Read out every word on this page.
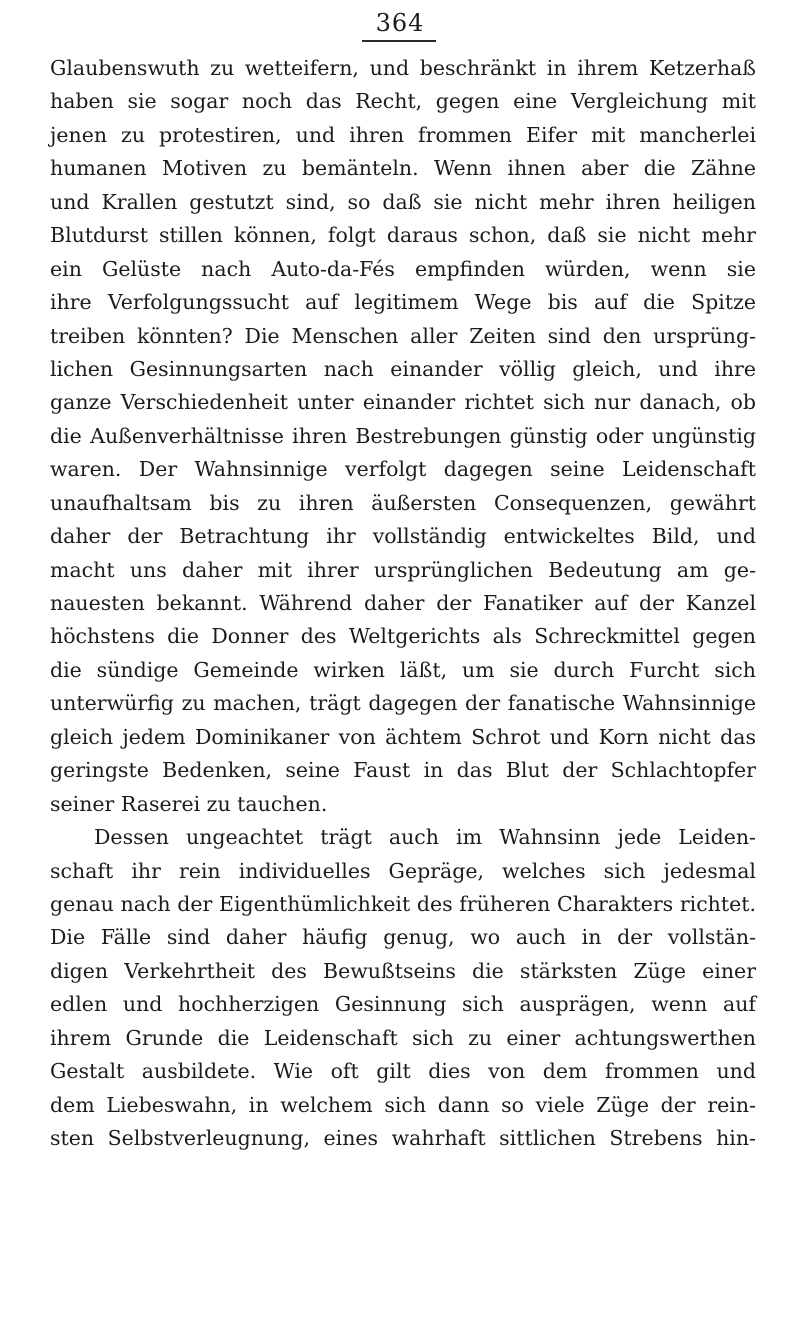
364
Glaubenswuth zu wetteifern, und beschränkt in ihrem Ketzerhaß
haben sie sogar noch das Recht, gegen eine Vergleichung mit
jenen zu protestiren, und ihren frommen Eifer mit mancherlei
humanen Motiven zu bemänteln. Wenn ihnen aber die Zähne
und Krallen gestutzt sind, so daß sie nicht mehr ihren heiligen
Blutdurst stillen können, folgt daraus schon, daß sie nicht mehr
ein Gelüste nach Auto-da-Fés empfinden würden, wenn sie
ihre Verfolgungssucht auf legitimem Wege bis auf die Spitze
treiben könnten? Die Menschen aller Zeiten sind den ursprüng-
lichen Gesinnungsarten nach einander völlig gleich, und ihre
ganze Verschiedenheit unter einander richtet sich nur danach, ob
die Außenverhältnisse ihren Bestrebungen günstig oder ungünstig
waren. Der Wahnsinnige verfolgt dagegen seine Leidenschaft
unaufhaltsam bis zu ihren äußersten Consequenzen, gewährt
daher der Betrachtung ihr vollständig entwickeltes Bild, und
macht uns daher mit ihrer ursprünglichen Bedeutung am ge-
nauesten bekannt. Während daher der Fanatiker auf der Kanzel
höchstens die Donner des Weltgerichts als Schreckmittel gegen
die sündige Gemeinde wirken läßt, um sie durch Furcht sich
unterwürfig zu machen, trägt dagegen der fanatische Wahnsinnige
gleich jedem Dominikaner von ächtem Schrot und Korn nicht das
geringste Bedenken, seine Faust in das Blut der Schlachtopfer
seiner Raserei zu tauchen.
Dessen ungeachtet trägt auch im Wahnsinn jede Leiden-
schaft ihr rein individuelles Gepräge, welches sich jedesmal
genau nach der Eigenthümlichkeit des früheren Charakters richtet.
Die Fälle sind daher häufig genug, wo auch in der vollstän-
digen Verkehrtheit des Bewußtseins die stärksten Züge einer
edlen und hochherzigen Gesinnung sich ausprägen, wenn auf
ihrem Grunde die Leidenschaft sich zu einer achtungswerthen
Gestalt ausbildete. Wie oft gilt dies von dem frommen und
dem Liebeswahn, in welchem sich dann so viele Züge der rein-
sten Selbstverleugnung, eines wahrhaft sittlichen Strebens hin-
